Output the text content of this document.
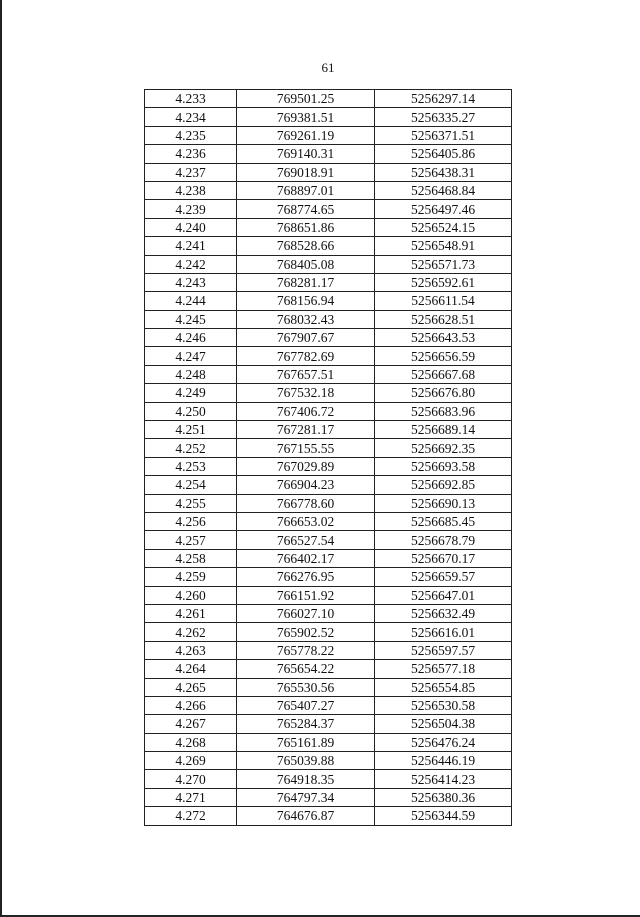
61
4.233	769501.25	5256297.14
4.234	769381.51	5256335.27
4.235	769261.19	5256371.51
4.236	769140.31	5256405.86
4.237	769018.91	5256438.31
4.238	768897.01	5256468.84
4.239	768774.65	5256497.46
4.240	768651.86	5256524.15
4.241	768528.66	5256548.91
4.242	768405.08	5256571.73
4.243	768281.17	5256592.61
4.244	768156.94	5256611.54
4.245	768032.43	5256628.51
4.246	767907.67	5256643.53
4.247	767782.69	5256656.59
4.248	767657.51	5256667.68
4.249	767532.18	5256676.80
4.250	767406.72	5256683.96
4.251	767281.17	5256689.14
4.252	767155.55	5256692.35
4.253	767029.89	5256693.58
4.254	766904.23	5256692.85
4.255	766778.60	5256690.13
4.256	766653.02	5256685.45
4.257	766527.54	5256678.79
4.258	766402.17	5256670.17
4.259	766276.95	5256659.57
4.260	766151.92	5256647.01
4.261	766027.10	5256632.49
4.262	765902.52	5256616.01
4.263	765778.22	5256597.57
4.264	765654.22	5256577.18
4.265	765530.56	5256554.85
4.266	765407.27	5256530.58
4.267	765284.37	5256504.38
4.268	765161.89	5256476.24
4.269	765039.88	5256446.19
4.270	764918.35	5256414.23
4.271	764797.34	5256380.36
4.272	764676.87	5256344.59
